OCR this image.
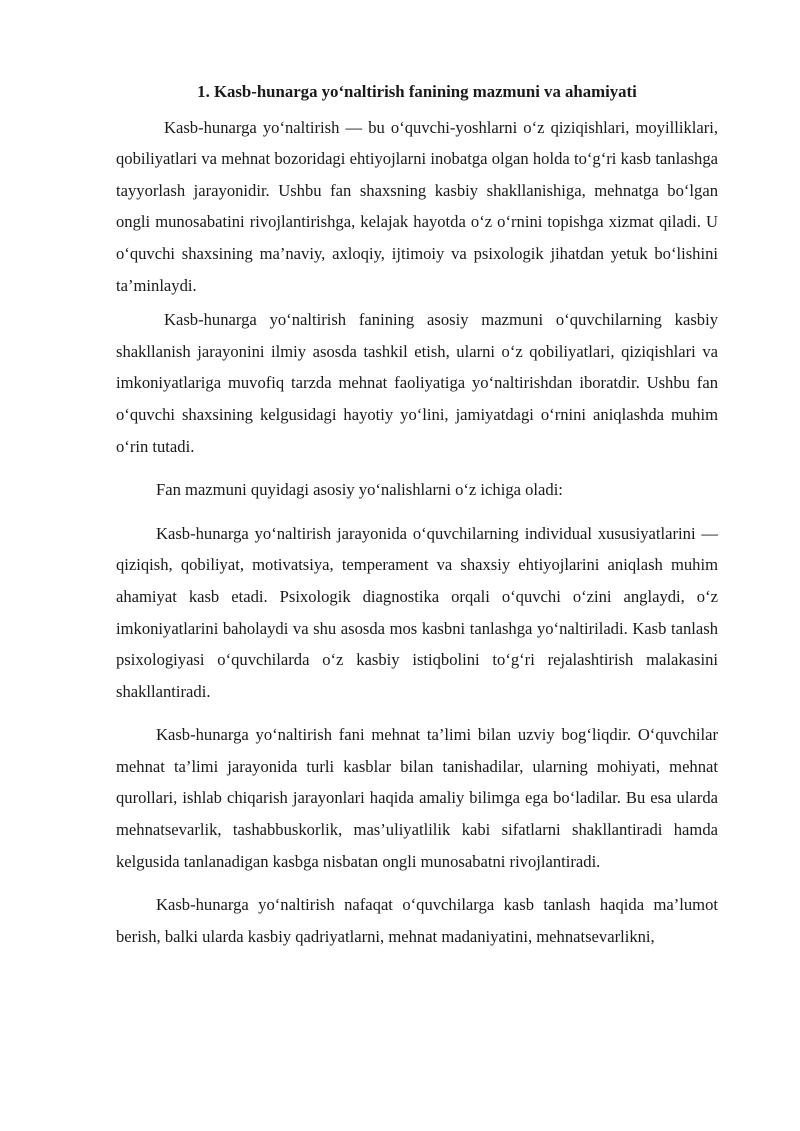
1. Kasb-hunarga yo‘naltirish fanining mazmuni va ahamiyati

Kasb-hunarga yo‘naltirish — bu o‘quvchi-yoshlarni o‘z qiziqishlari, moyilliklari, qobiliyatlari va mehnat bozoridagi ehtiyojlarni inobatga olgan holda to‘g‘ri kasb tanlashga tayyorlash jarayonidir. Ushbu fan shaxsning kasbiy shakllanishiga, mehnatga bo‘lgan ongli munosabatini rivojlantirishga, kelajak hayotda o‘z o‘rnini topishga xizmat qiladi. U o‘quvchi shaxsining ma’naviy, axloqiy, ijtimoiy va psixologik jihatdan yetuk bo‘lishini ta’minlaydi.

Kasb-hunarga yo‘naltirish fanining asosiy mazmuni o‘quvchilarning kasbiy shakllanish jarayonini ilmiy asosda tashkil etish, ularni o‘z qobiliyatlari, qiziqishlari va imkoniyatlariga muvofiq tarzda mehnat faoliyatiga yo‘naltirishdan iboratdir. Ushbu fan o‘quvchi shaxsining kelgusidagi hayotiy yo‘lini, jamiyatdagi o‘rnini aniqlashda muhim o‘rin tutadi.

Fan mazmuni quyidagi asosiy yo‘nalishlarni o‘z ichiga oladi:

Kasb-hunarga yo‘naltirish jarayonida o‘quvchilarning individual xususiyatlarini — qiziqish, qobiliyat, motivatsiya, temperament va shaxsiy ehtiyojlarini aniqlash muhim ahamiyat kasb etadi. Psixologik diagnostika orqali o‘quvchi o‘zini anglaydi, o‘z imkoniyatlarini baholaydi va shu asosda mos kasbni tanlashga yo‘naltiriladi. Kasb tanlash psixologiyasi o‘quvchilarda o‘z kasbiy istiqbolini to‘g‘ri rejalashtirish malakasini shakllantiradi.

Kasb-hunarga yo‘naltirish fani mehnat ta’limi bilan uzviy bog‘liqdir. O‘quvchilar mehnat ta’limi jarayonida turli kasblar bilan tanishadilar, ularning mohiyati, mehnat qurollari, ishlab chiqarish jarayonlari haqida amaliy bilimga ega bo‘ladilar. Bu esa ularda mehnatsevarlik, tashabbuskorlik, mas’uliyatlilik kabi sifatlarni shakllantiradi hamda kelgusida tanlanadigan kasbga nisbatan ongli munosabatni rivojlantiradi.

Kasb-hunarga yo‘naltirish nafaqat o‘quvchilarga kasb tanlash haqida ma’lumot berish, balki ularda kasbiy qadriyatlarni, mehnat madaniyatini, mehnatsevarlikni,
